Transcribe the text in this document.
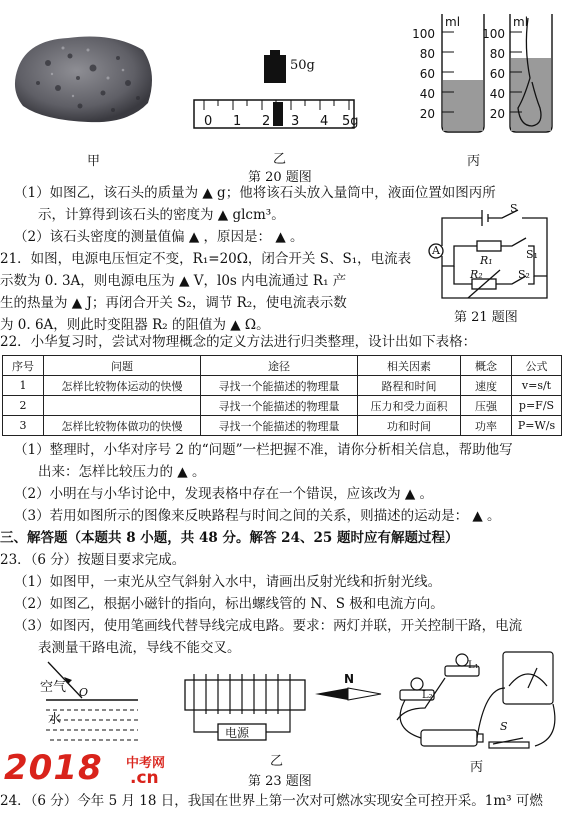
50g
0 1 2 3 4 5g
ml	ml
100
80
60
40
20
100
80
60
40
20
甲	乙	丙
第 20 题图
（1）如图乙，该石头的质量为 ▲ g；他将该石头放入量筒中，液面位置如图丙所
示，计算得到该石头的密度为 ▲ glcm³。
（2）该石头密度的测量值偏 ▲ ，原因是： ▲ 。
21．如图，电源电压恒定不变，R₁=20Ω，闭合开关 S、S₁，电流表
示数为 0. 3A，则电源电压为 ▲ V，l0s 内电流通过 R₁ 产
生的热量为 ▲ J；再闭合开关 S₂，调节 R₂，使电流表示数
为 0. 6A，则此时变阻器 R₂ 的阻值为 ▲ Ω。
S
A
R₁	S₁
R₂	S₂
第 21 题图
22．小华复习时，尝试对物理概念的定义方法进行归类整理，设计出如下表格：
序号	问题	途径	相关因素	概念	公式
1	怎样比较物体运动的快慢	寻找一个能描述的物理量	路程和时间	速度	v=s/t
2		寻找一个能描述的物理量	压力和受力面积	压强	p=F/S
3	怎样比较物体做功的快慢	寻找一个能描述的物理量	功和时间	功率	P=W/s
（1）整理时，小华对序号 2 的“问题”一栏把握不准，请你分析相关信息，帮助他写
出来：怎样比较压力的 ▲ 。
（2）小明在与小华讨论中，发现表格中存在一个错误，应该改为 ▲ 。
（3）若用如图所示的图像来反映路程与时间之间的关系，则描述的运动是： ▲ 。
三、解答题（本题共 8 小题，共 48 分。解答 24、25 题时应有解题过程）
23．（6 分）按题目要求完成。
（1）如图甲，一束光从空气斜射入水中，请画出反射光线和折射光线。
（2）如图乙，根据小磁针的指向，标出螺线管的 N、S 极和电流方向。
（3）如图丙，使用笔画线代替导线完成电路。要求：两灯并联，开关控制干路，电流
表测量干路电流，导线不能交叉。
空气
水
O
电源
N
L₁
L₂
S
乙	丙
第 23 题图
2018 中考网
.cn
24．（6 分）今年 5 月 18 日，我国在世界上第一次对可燃冰实现安全可控开采。1m³ 可燃
